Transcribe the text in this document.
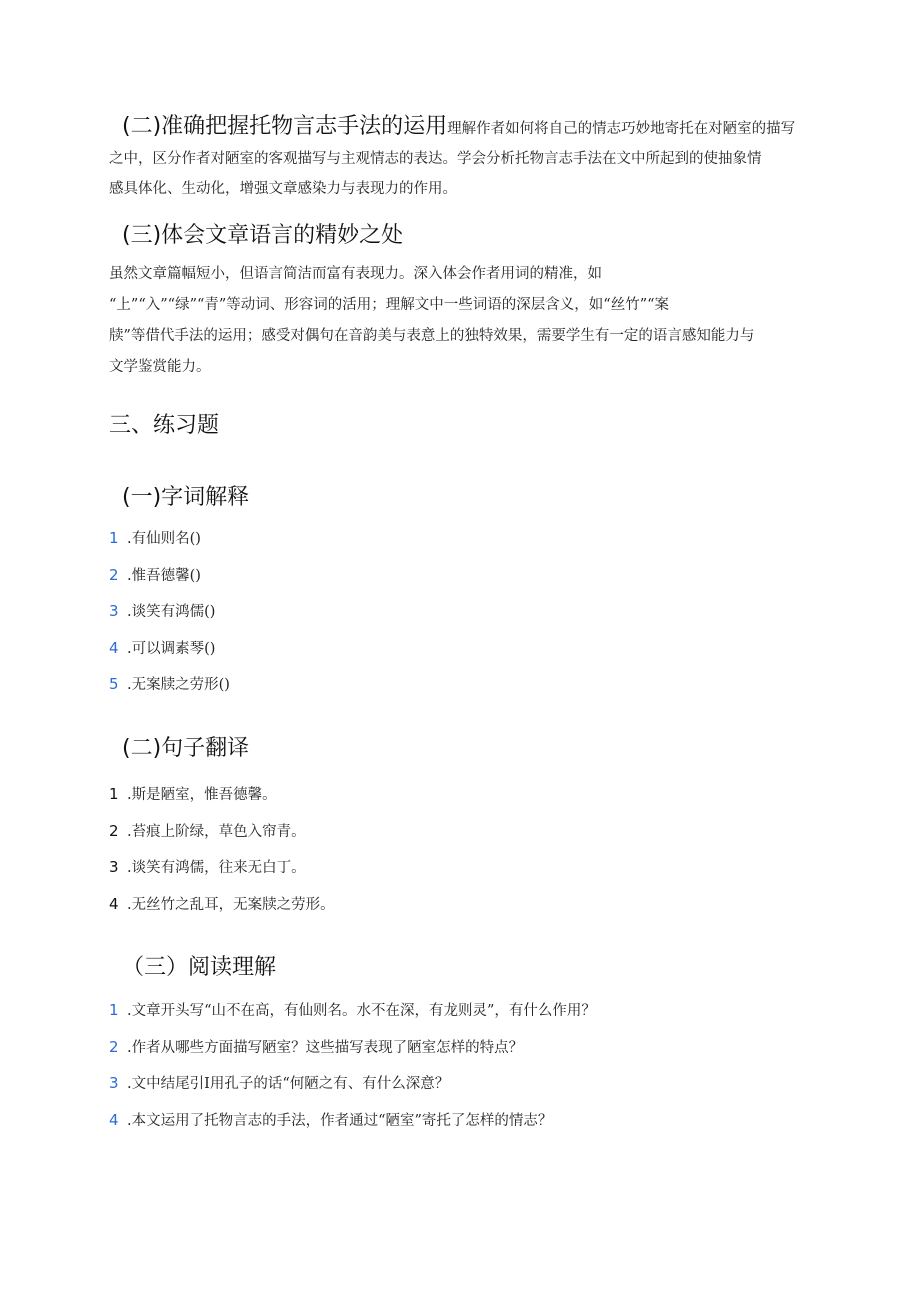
(二)准确把握托物言志手法的运用理解作者如何将自己的情志巧妙地寄托在对陋室的描写
之中，区分作者对陋室的客观描写与主观情志的表达。学会分析托物言志手法在文中所起到的使抽象情
感具体化、生动化，增强文章感染力与表现力的作用。
(三)体会文章语言的精妙之处
虽然文章篇幅短小，但语言简洁而富有表现力。深入体会作者用词的精准，如
“上”“入”“绿”“青”等动词、形容词的活用；理解文中一些词语的深层含义，如“丝竹”“案
牍”等借代手法的运用；感受对偶句在音韵美与表意上的独特效果，需要学生有一定的语言感知能力与
文学鉴赏能力。
三、练习题
(一)字词解释
1 .有仙则名()
2 .惟吾德馨()
3 .谈笑有鸿儒()
4 .可以调素琴()
5 .无案牍之劳形()
(二)句子翻译
1 .斯是陋室，惟吾德馨。
2 .苔痕上阶绿，草色入帘青。
3 .谈笑有鸿儒，往来无白丁。
4 .无丝竹之乱耳，无案牍之劳形。
（三）阅读理解
1 .文章开头写“山不在高，有仙则名。水不在深，有龙则灵”，有什么作用？
2 .作者从哪些方面描写陋室？这些描写表现了陋室怎样的特点？
3 .文中结尾引I用孔子的话“何陋之有、有什么深意？
4 .本文运用了托物言志的手法，作者通过“陋室”寄托了怎样的情志？
